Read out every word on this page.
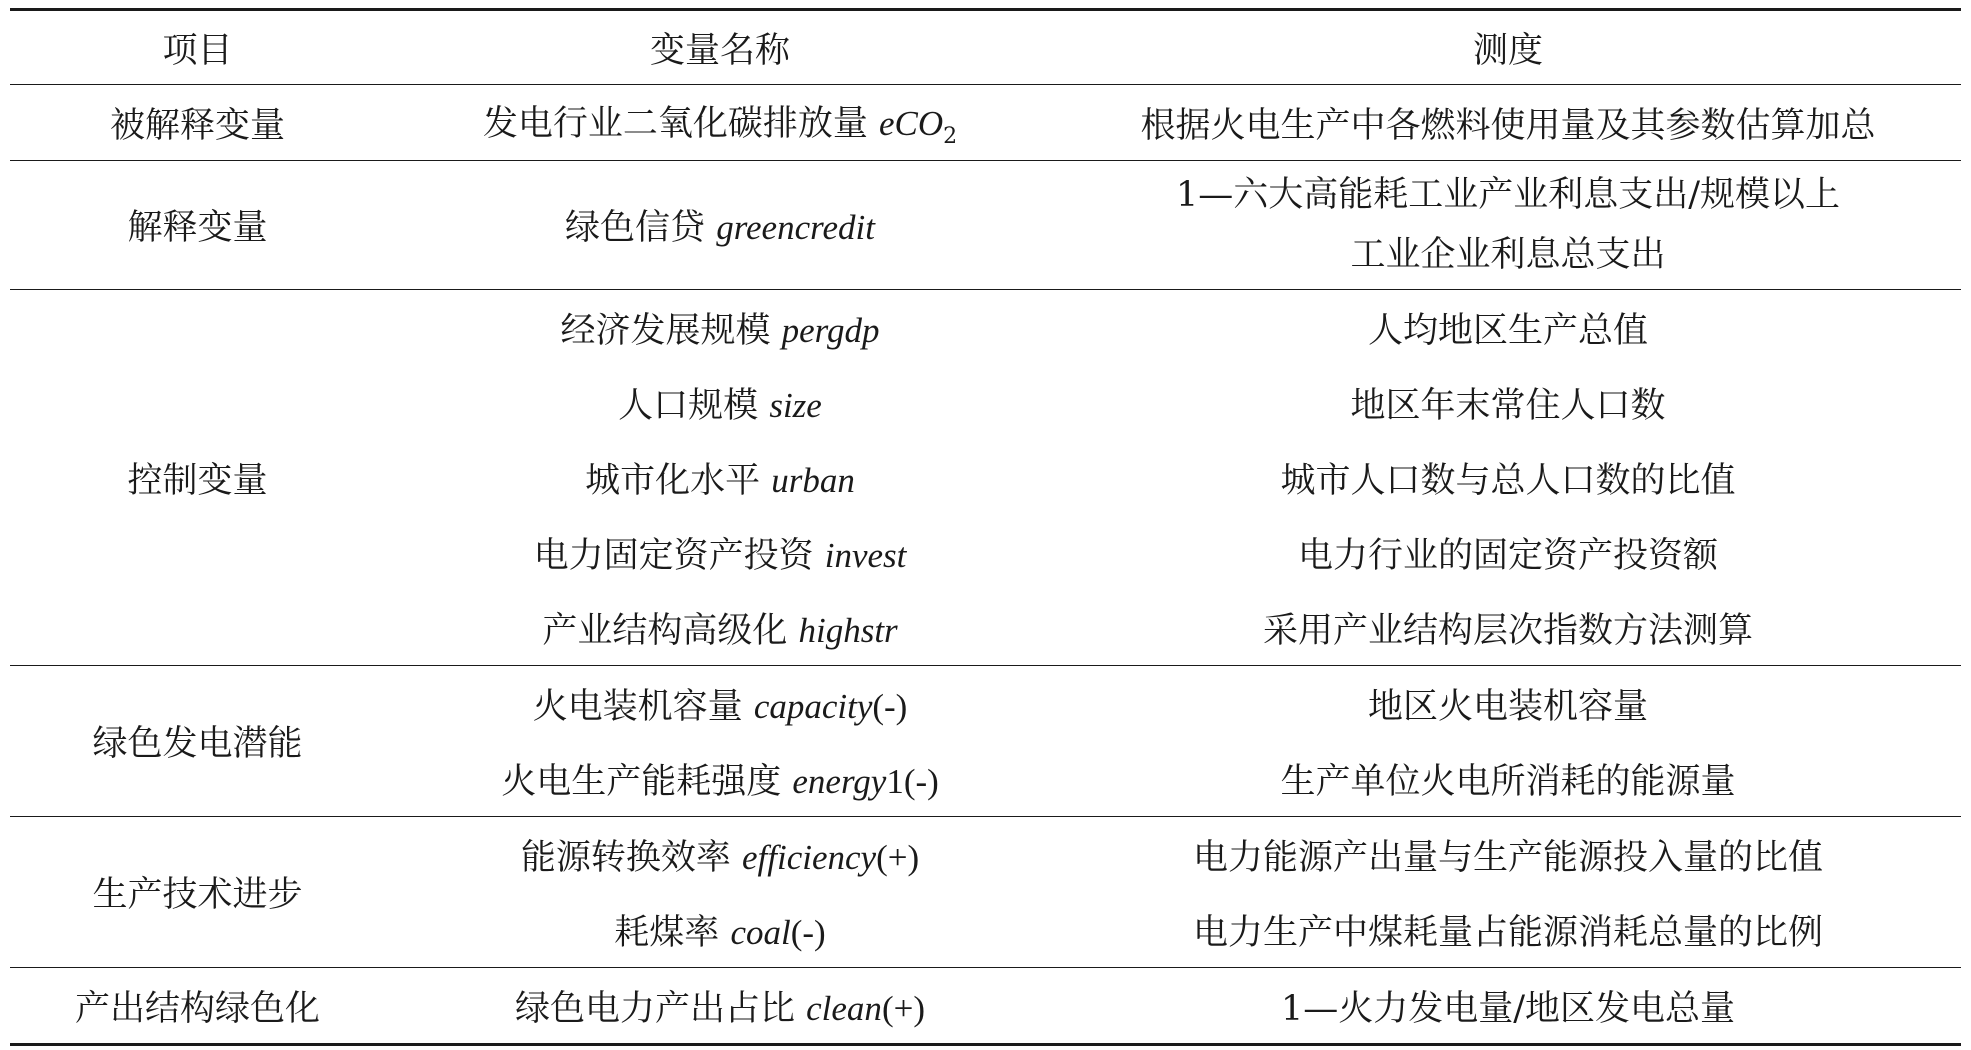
项目	变量名称	测度
被解释变量	发电行业二氧化碳排放量 eCO$_2$	根据火电生产中各燃料使用量及其参数估算加总
解释变量	绿色信贷 greencredit	1—六大高能耗工业产业利息支出/规模以上
工业企业利息总支出

控制变量	经济发展规模 pergdp	人均地区生产总值
	人口规模 size	地区年末常住人口数
	城市化水平 urban	城市人口数与总人口数的比值
	电力固定资产投资 invest	电力行业的固定资产投资额
	产业结构高级化 highstr	采用产业结构层次指数方法测算
绿色发电潜能	火电装机容量 capacity(-)	地区火电装机容量
	火电生产能耗强度 energy1(-)	生产单位火电所消耗的能源量
生产技术进步	能源转换效率 efficiency(+)	电力能源产出量与生产能源投入量的比值
	耗煤率 coal(-)	电力生产中煤耗量占能源消耗总量的比例
产出结构绿色化	绿色电力产出占比 clean(+)	1—火力发电量/地区发电总量
